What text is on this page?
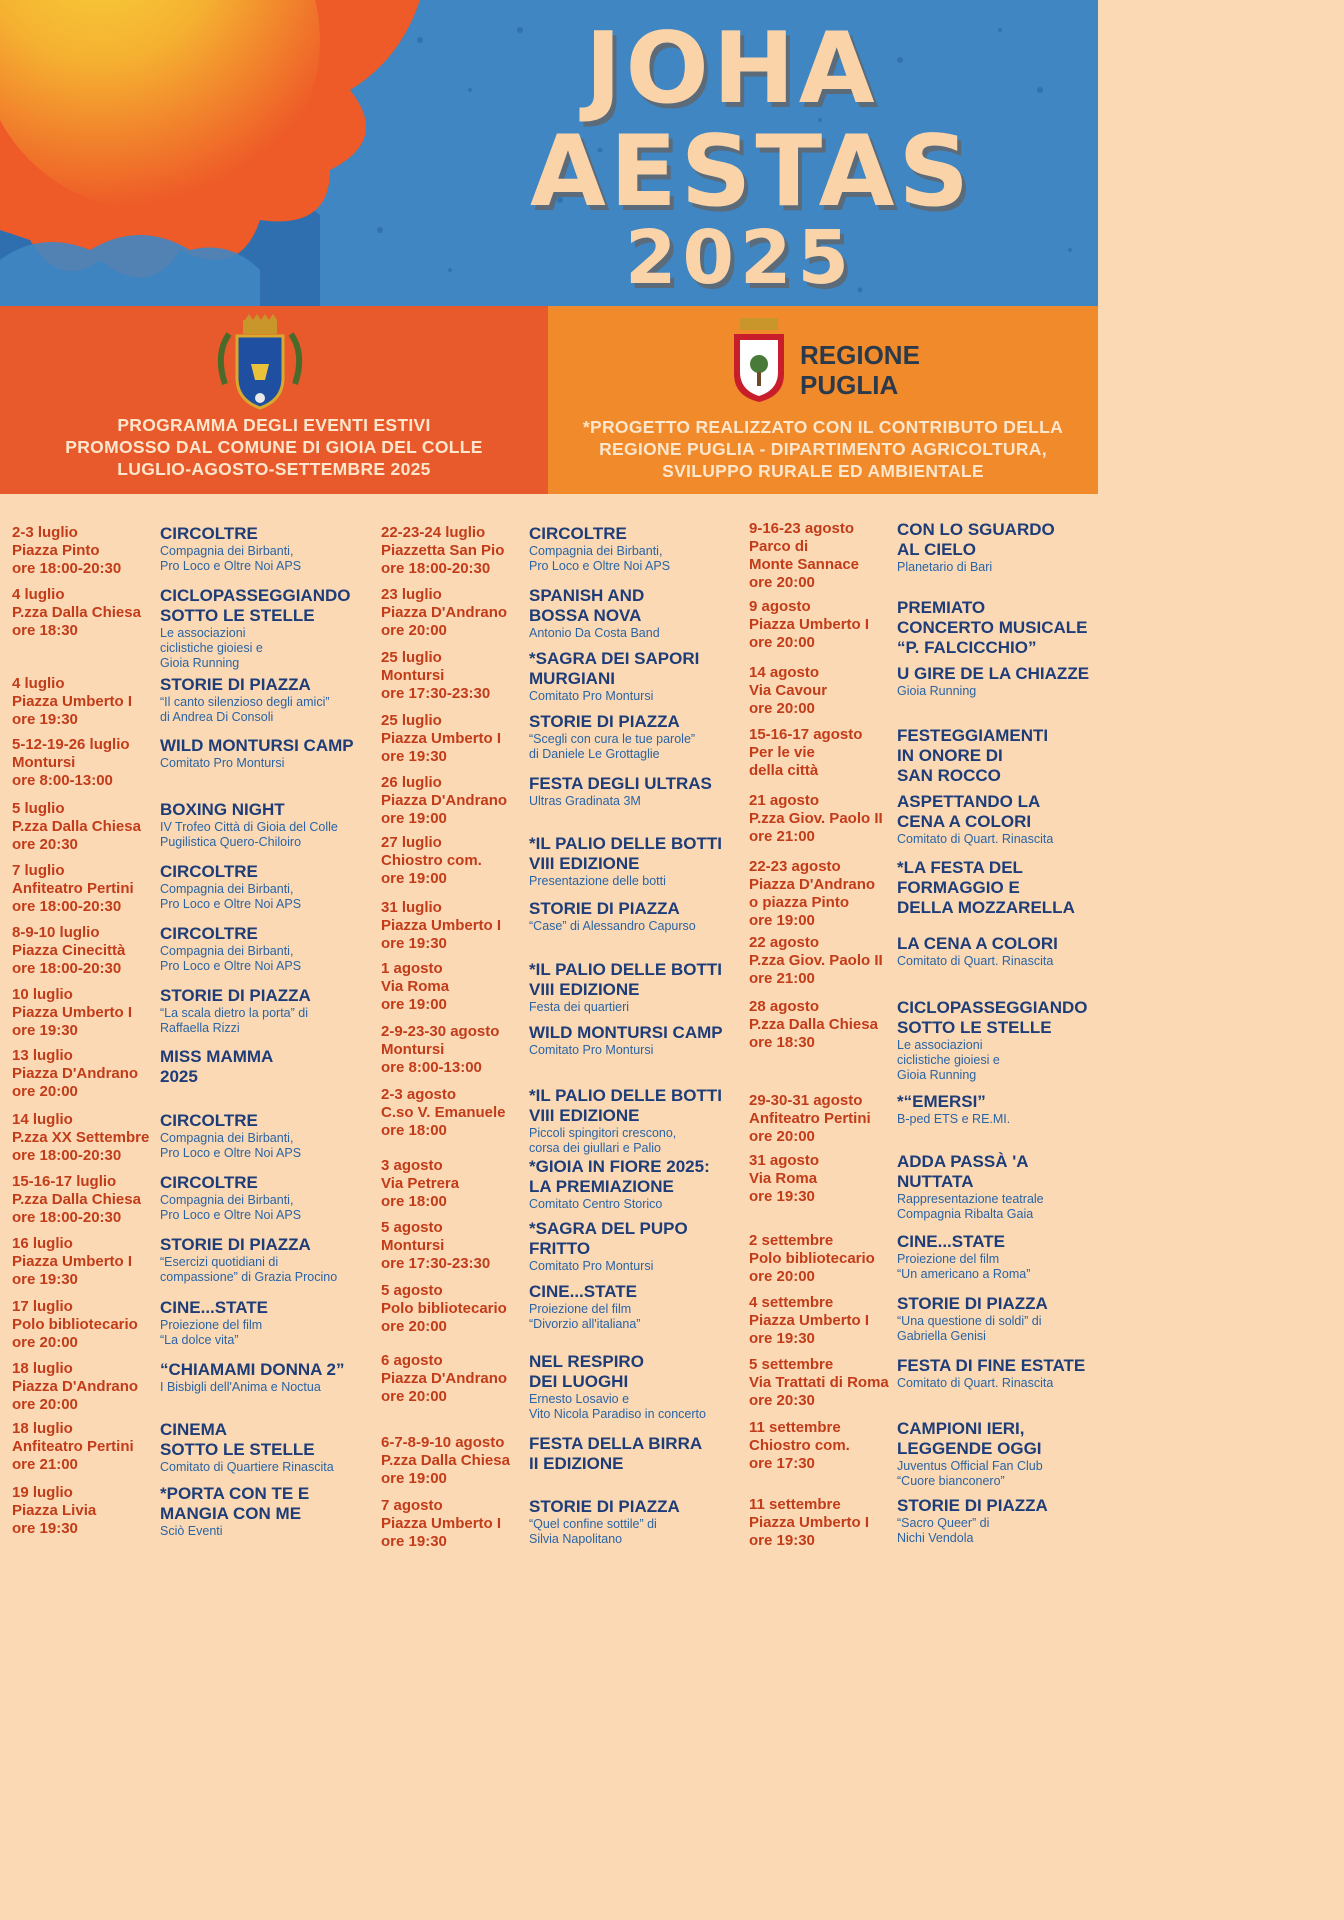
JOHA
AESTAS
2025
PROGRAMMA DEGLI EVENTI ESTIVI
PROMOSSO DAL COMUNE DI GIOIA DEL COLLE
LUGLIO-AGOSTO-SETTEMBRE 2025
REGIONE
PUGLIA
*PROGETTO REALIZZATO CON IL CONTRIBUTO DELLA
REGIONE PUGLIA - DIPARTIMENTO AGRICOLTURA,
SVILUPPO RURALE ED AMBIENTALE
2-3 luglio
Piazza Pinto
ore 18:00-20:30
CIRCOLTRE
Compagnia dei Birbanti,
Pro Loco e Oltre Noi APS
4 luglio
P.zza Dalla Chiesa
ore 18:30
CICLOPASSEGGIANDO
SOTTO LE STELLE
Le associazioni
ciclistiche gioiesi e
Gioia Running
4 luglio
Piazza Umberto I
ore 19:30
STORIE DI PIAZZA
“Il canto silenzioso degli amici”
di Andrea Di Consoli
5-12-19-26 luglio
Montursi
ore 8:00-13:00
WILD MONTURSI CAMP
Comitato Pro Montursi
5 luglio
P.zza Dalla Chiesa
ore 20:30
BOXING NIGHT
IV Trofeo Città di Gioia del Colle
Pugilistica Quero-Chiloiro
7 luglio
Anfiteatro Pertini
ore 18:00-20:30
CIRCOLTRE
Compagnia dei Birbanti,
Pro Loco e Oltre Noi APS
8-9-10 luglio
Piazza Cinecittà
ore 18:00-20:30
CIRCOLTRE
Compagnia dei Birbanti,
Pro Loco e Oltre Noi APS
10 luglio
Piazza Umberto I
ore 19:30
STORIE DI PIAZZA
“La scala dietro la porta” di
Raffaella Rizzi
13 luglio
Piazza D'Andrano
ore 20:00
MISS MAMMA
2025
14 luglio
P.zza XX Settembre
ore 18:00-20:30
CIRCOLTRE
Compagnia dei Birbanti,
Pro Loco e Oltre Noi APS
15-16-17 luglio
P.zza Dalla Chiesa
ore 18:00-20:30
CIRCOLTRE
Compagnia dei Birbanti,
Pro Loco e Oltre Noi APS
16 luglio
Piazza Umberto I
ore 19:30
STORIE DI PIAZZA
“Esercizi quotidiani di
compassione” di Grazia Procino
17 luglio
Polo bibliotecario
ore 20:00
CINE...STATE
Proiezione del film
“La dolce vita”
18 luglio
Piazza D'Andrano
ore 20:00
“CHIAMAMI DONNA 2”
I Bisbigli dell'Anima e Noctua
18 luglio
Anfiteatro Pertini
ore 21:00
CINEMA
SOTTO LE STELLE
Comitato di Quartiere Rinascita
19 luglio
Piazza Livia
ore 19:30
*PORTA CON TE E
MANGIA CON ME
Sciò Eventi
22-23-24 luglio
Piazzetta San Pio
ore 18:00-20:30
CIRCOLTRE
Compagnia dei Birbanti,
Pro Loco e Oltre Noi APS
23 luglio
Piazza D'Andrano
ore 20:00
SPANISH AND
BOSSA NOVA
Antonio Da Costa Band
25 luglio
Montursi
ore 17:30-23:30
*SAGRA DEI SAPORI
MURGIANI
Comitato Pro Montursi
25 luglio
Piazza Umberto I
ore 19:30
STORIE DI PIAZZA
“Scegli con cura le tue parole”
di Daniele Le Grottaglie
26 luglio
Piazza D'Andrano
ore 19:00
FESTA DEGLI ULTRAS
Ultras Gradinata 3M
27 luglio
Chiostro com.
ore 19:00
*IL PALIO DELLE BOTTI
VIII EDIZIONE
Presentazione delle botti
31 luglio
Piazza Umberto I
ore 19:30
STORIE DI PIAZZA
“Case” di Alessandro Capurso
1 agosto
Via Roma
ore 19:00
*IL PALIO DELLE BOTTI
VIII EDIZIONE
Festa dei quartieri
2-9-23-30 agosto
Montursi
ore 8:00-13:00
WILD MONTURSI CAMP
Comitato Pro Montursi
2-3 agosto
C.so V. Emanuele
ore 18:00
*IL PALIO DELLE BOTTI
VIII EDIZIONE
Piccoli spingitori crescono,
corsa dei giullari e Palio
3 agosto
Via Petrera
ore 18:00
*GIOIA IN FIORE 2025:
LA PREMIAZIONE
Comitato Centro Storico
5 agosto
Montursi
ore 17:30-23:30
*SAGRA DEL PUPO
FRITTO
Comitato Pro Montursi
5 agosto
Polo bibliotecario
ore 20:00
CINE...STATE
Proiezione del film
“Divorzio all'italiana”
6 agosto
Piazza D'Andrano
ore 20:00
NEL RESPIRO
DEI LUOGHI
Ernesto Losavio e
Vito Nicola Paradiso in concerto
6-7-8-9-10 agosto
P.zza Dalla Chiesa
ore 19:00
FESTA DELLA BIRRA
II EDIZIONE
7 agosto
Piazza Umberto I
ore 19:30
STORIE DI PIAZZA
“Quel confine sottile” di
Silvia Napolitano
9-16-23 agosto
Parco di
Monte Sannace
ore 20:00
CON LO SGUARDO
AL CIELO
Planetario di Bari
9 agosto
Piazza Umberto I
ore 20:00
PREMIATO
CONCERTO MUSICALE
“P. FALCICCHIO”
14 agosto
Via Cavour
ore 20:00
U GIRE DE LA CHIAZZE
Gioia Running
15-16-17 agosto
Per le vie
della città
FESTEGGIAMENTI
IN ONORE DI
SAN ROCCO
21 agosto
P.zza Giov. Paolo II
ore 21:00
ASPETTANDO LA
CENA A COLORI
Comitato di Quart. Rinascita
22-23 agosto
Piazza D'Andrano
o piazza Pinto
ore 19:00
*LA FESTA DEL
FORMAGGIO E
DELLA MOZZARELLA
22 agosto
P.zza Giov. Paolo II
ore 21:00
LA CENA A COLORI
Comitato di Quart. Rinascita
28 agosto
P.zza Dalla Chiesa
ore 18:30
CICLOPASSEGGIANDO
SOTTO LE STELLE
Le associazioni
ciclistiche gioiesi e
Gioia Running
29-30-31 agosto
Anfiteatro Pertini
ore 20:00
*“EMERSI”
B-ped ETS e RE.MI.
31 agosto
Via Roma
ore 19:30
ADDA PASSÀ 'A
NUTTATA
Rappresentazione teatrale
Compagnia Ribalta Gaia
2 settembre
Polo bibliotecario
ore 20:00
CINE...STATE
Proiezione del film
“Un americano a Roma”
4 settembre
Piazza Umberto I
ore 19:30
STORIE DI PIAZZA
“Una questione di soldi” di
Gabriella Genisi
5 settembre
Via Trattati di Roma
ore 20:30
FESTA DI FINE ESTATE
Comitato di Quart. Rinascita
11 settembre
Chiostro com.
ore 17:30
CAMPIONI IERI,
LEGGENDE OGGI
Juventus Official Fan Club
“Cuore bianconero”
11 settembre
Piazza Umberto I
ore 19:30
STORIE DI PIAZZA
“Sacro Queer” di
Nichi Vendola
